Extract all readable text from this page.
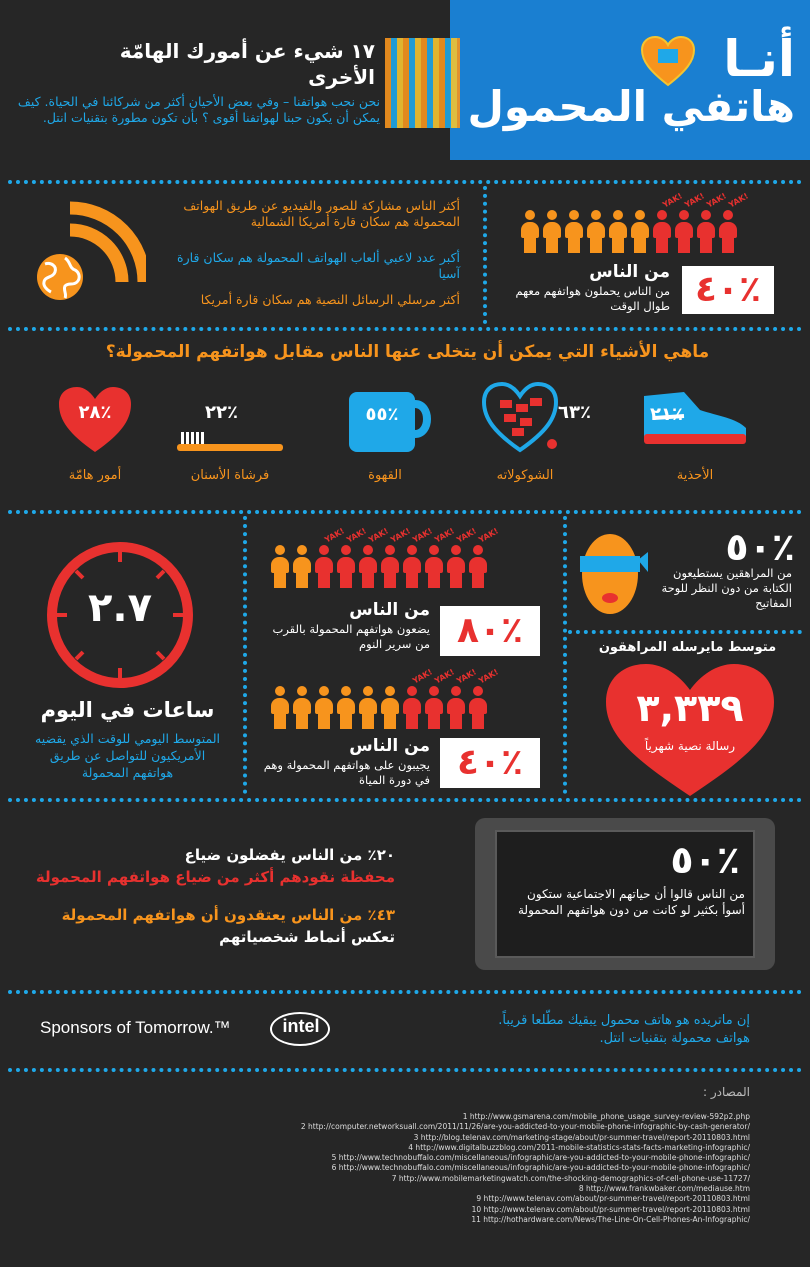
أنـا
هاتفي المحمول
١٧ شيء عن أمورك الهامّة الأخرى
نحن نحب هواتفنا – وفي بعض الأحيان أكثر من شركائنا في الحياة. كيف يمكن أن يكون حبنا لهواتفنا أقوى ؟ بأن تكون مطورة بتقنيات انتل.
أكثر الناس مشاركة للصور والفيديو عن طريق الهواتف المحمولة هم سكان قارة أمريكا الشمالية
أكبر عدد لاعبي ألعاب الهواتف المحمولة هم سكان قارة آسيا
أكثر مرسلي الرسائل النصية هم سكان قارة أمريكا
YAK! YAK! YAK! YAK!
٤٠٪
من الناس
من الناس يحملون هواتفهم معهم طوال الوقت
ماهي الأشياء التي يمكن أن يتخلى عنها الناس مقابل هواتفهم المحمولة؟
٢١٪
الأحذية
٦٣٪
الشوكولاته
٥٥٪
القهوة
٢٢٪
فرشاة الأسنان
٢٨٪
أمور هامّة
٢.٧
ساعات في اليوم
المتوسط اليومي للوقت الذي يقضيه الأمريكيون للتواصل عن طريق هواتفهم المحمولة
YAK! YAK! YAK! YAK! YAK! YAK! YAK! YAK!
٨٠٪
من الناس
يضعون هواتفهم المحمولة بالقرب من سرير النوم
YAK! YAK! YAK! YAK!
٤٠٪
من الناس
يجيبون على هواتفهم المحمولة وهم في دورة المياة
٥٠٪
من المراهقين يستطيعون الكتابة من دون النظر للوحة المفاتيح
متوسط مايرسله المراهقون
٣,٣٣٩
رسالة نصية شهرياً
٢٠٪ من الناس يفضلون ضياع
محفظة نقودهم أكثر من ضياع هواتفهم المحمولة
٤٣٪ من الناس يعتقدون أن هواتفهم المحمولة
تعكس أنماط شخصياتهم
٥٠٪
من الناس قالوا أن حياتهم الاجتماعية ستكون أسوأ بكثير لو كانت من دون هواتفهم المحمولة
Sponsors of Tomorrow.™	intel	إن ماتريده هو هاتف محمول يبقيك مطّلعا قريباً. هواتف محمولة بتقنيات انتل.
المصادر :
1 http://www.gsmarena.com/mobile_phone_usage_survey-review-592p2.php
2 http://computer.networksuall.com/2011/11/26/are-you-addicted-to-your-mobile-phone-infographic-by-cash-generator/
3 http://blog.telenav.com/marketing-stage/about/pr-summer-travel/report-20110803.html
4 http://www.digitalbuzzblog.com/2011-mobile-statistics-stats-facts-marketing-infographic/
5 http://www.technobuffalo.com/miscellaneous/infographic/are-you-addicted-to-your-mobile-phone-infographic/
6 http://www.technobuffalo.com/miscellaneous/infographic/are-you-addicted-to-your-mobile-phone-infographic/
7 http://www.mobilemarketingwatch.com/the-shocking-demographics-of-cell-phone-use-11727/
8 http://www.frankwbaker.com/mediause.htm
9 http://www.telenav.com/about/pr-summer-travel/report-20110803.html
10 http://www.telenav.com/about/pr-summer-travel/report-20110803.html
11 http://hothardware.com/News/The-Line-On-Cell-Phones-An-Infographic/
